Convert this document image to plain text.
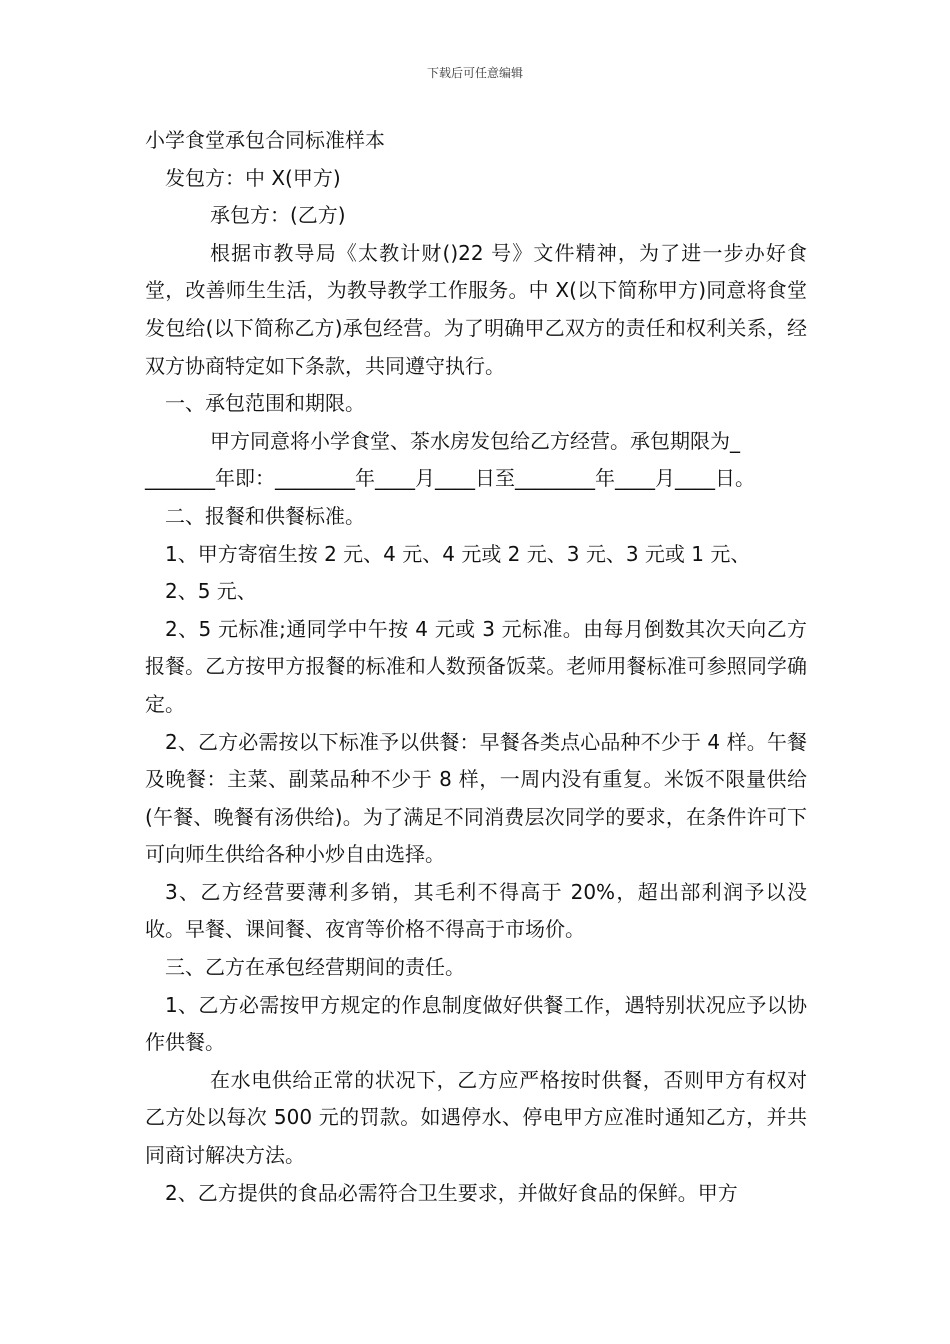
下载后可任意编辑

小学食堂承包合同标准样本

发包方：中 X(甲方)

承包方：(乙方)

根据市教导局《太教计财()22 号》文件精神，为了进一步办好食堂，改善师生生活，为教导教学工作服务。中 X(以下简称甲方)同意将食堂发包给(以下简称乙方)承包经营。为了明确甲乙双方的责任和权利关系，经双方协商特定如下条款，共同遵守执行。

一、承包范围和期限。

甲方同意将小学食堂、茶水房发包给乙方经营。承包期限为_

_______年即：________年____月____日至________年____月____日。

二、报餐和供餐标准。

1、甲方寄宿生按 2 元、4 元、4 元或 2 元、3 元、3 元或 1 元、

2、5 元、

2、5 元标准;通同学中午按 4 元或 3 元标准。由每月倒数其次天向乙方报餐。乙方按甲方报餐的标准和人数预备饭菜。老师用餐标准可参照同学确定。

2、乙方必需按以下标准予以供餐：早餐各类点心品种不少于 4 样。午餐及晚餐：主菜、副菜品种不少于 8 样，一周内没有重复。米饭不限量供给(午餐、晚餐有汤供给)。为了满足不同消费层次同学的要求，在条件许可下可向师生供给各种小炒自由选择。

3、乙方经营要薄利多销，其毛利不得高于 20%，超出部利润予以没收。早餐、课间餐、夜宵等价格不得高于市场价。

三、乙方在承包经营期间的责任。

1、乙方必需按甲方规定的作息制度做好供餐工作，遇特别状况应予以协作供餐。

在水电供给正常的状况下，乙方应严格按时供餐，否则甲方有权对乙方处以每次 500 元的罚款。如遇停水、停电甲方应准时通知乙方，并共同商讨解决方法。

2、乙方提供的食品必需符合卫生要求，并做好食品的保鲜。甲方
